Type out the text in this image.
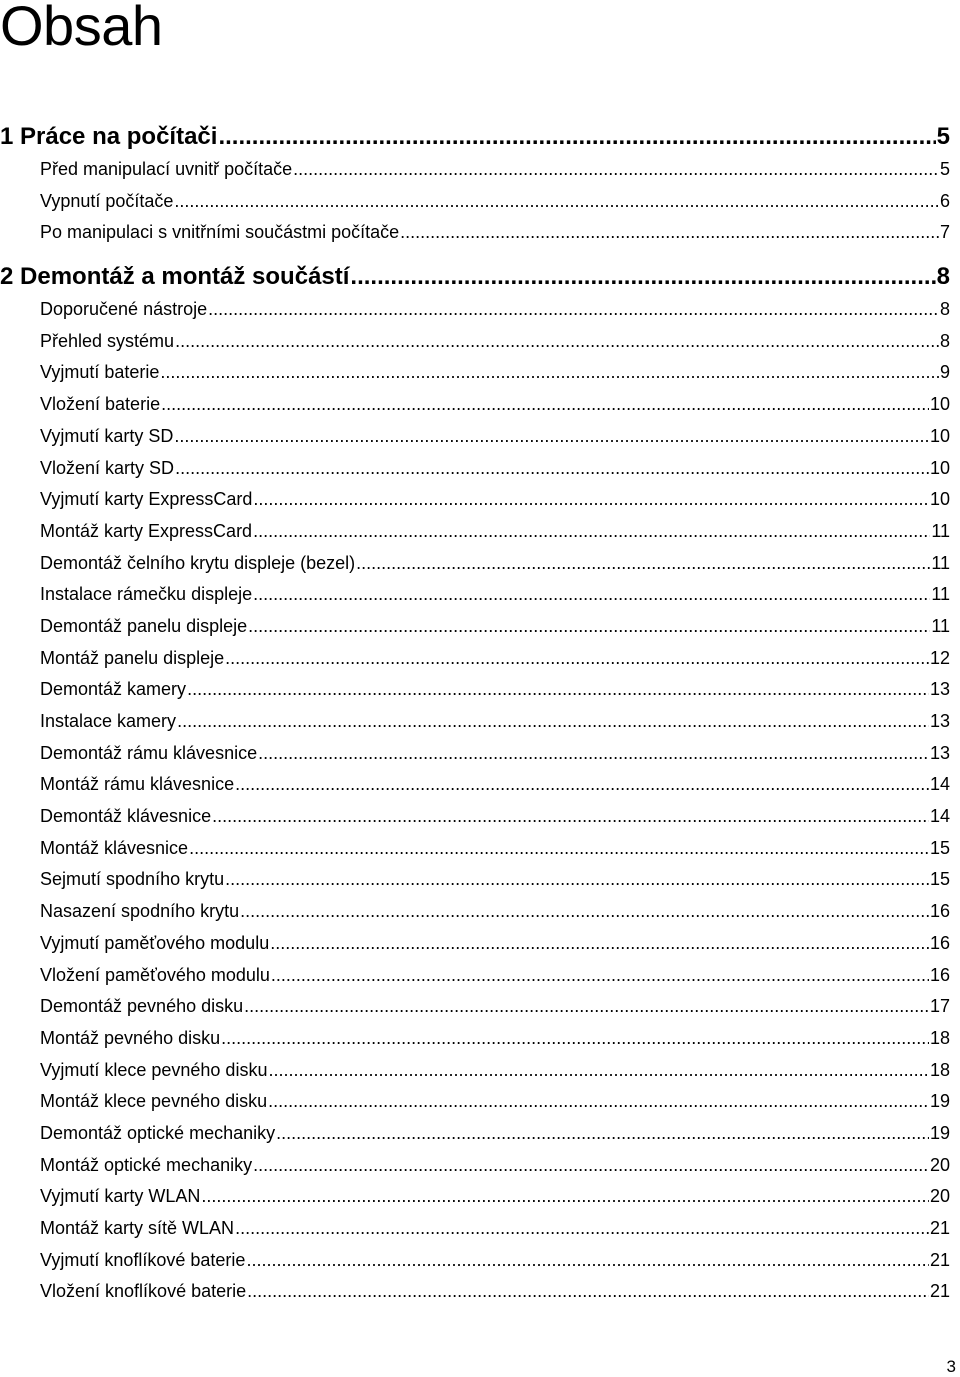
Obsah
1 Práce na počítači .....	5
Před manipulací uvnitř počítače .....	5
Vypnutí počítače .....	6
Po manipulaci s vnitřními součástmi počítače .....	7
2 Demontáž a montáž součástí .....	8
Doporučené nástroje .....	8
Přehled systému .....	8
Vyjmutí baterie .....	9
Vložení baterie .....	10
Vyjmutí karty SD .....	10
Vložení karty SD .....	10
Vyjmutí karty ExpressCard .....	10
Montáž karty ExpressCard .....	11
Demontáž čelního krytu displeje (bezel) .....	11
Instalace rámečku displeje .....	11
Demontáž panelu displeje .....	11
Montáž panelu displeje .....	12
Demontáž kamery .....	13
Instalace kamery .....	13
Demontáž rámu klávesnice .....	13
Montáž rámu klávesnice .....	14
Demontáž klávesnice .....	14
Montáž klávesnice .....	15
Sejmutí spodního krytu .....	15
Nasazení spodního krytu .....	16
Vyjmutí paměťového modulu .....	16
Vložení paměťového modulu .....	16
Demontáž pevného disku .....	17
Montáž pevného disku .....	18
Vyjmutí klece pevného disku .....	18
Montáž klece pevného disku .....	19
Demontáž optické mechaniky .....	19
Montáž optické mechaniky .....	20
Vyjmutí karty WLAN .....	20
Montáž karty sítě WLAN .....	21
Vyjmutí knoflíkové baterie .....	21
Vložení knoflíkové baterie .....	21
3
